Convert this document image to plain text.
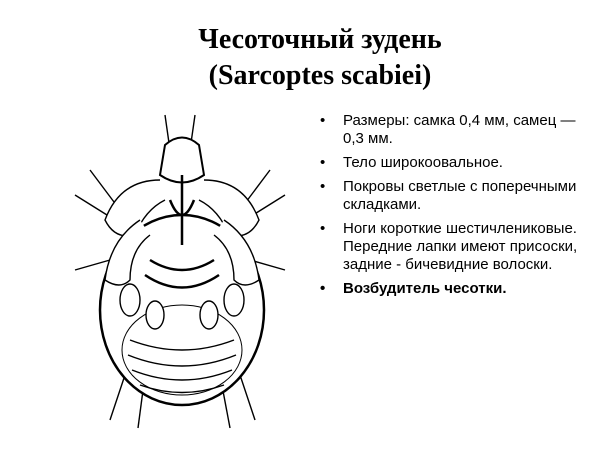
Чесоточный зудень
(Sarcoptes scabiei)
• Размеры: самка 0,4 мм, самец —0,3 мм.
• Тело широкоовальное.
• Покровы светлые с поперечными складками.
• Ноги короткие шестичлениковые. Передние лапки имеют присоски, задние - бичевидние волоски.
• Возбудитель чесотки.
